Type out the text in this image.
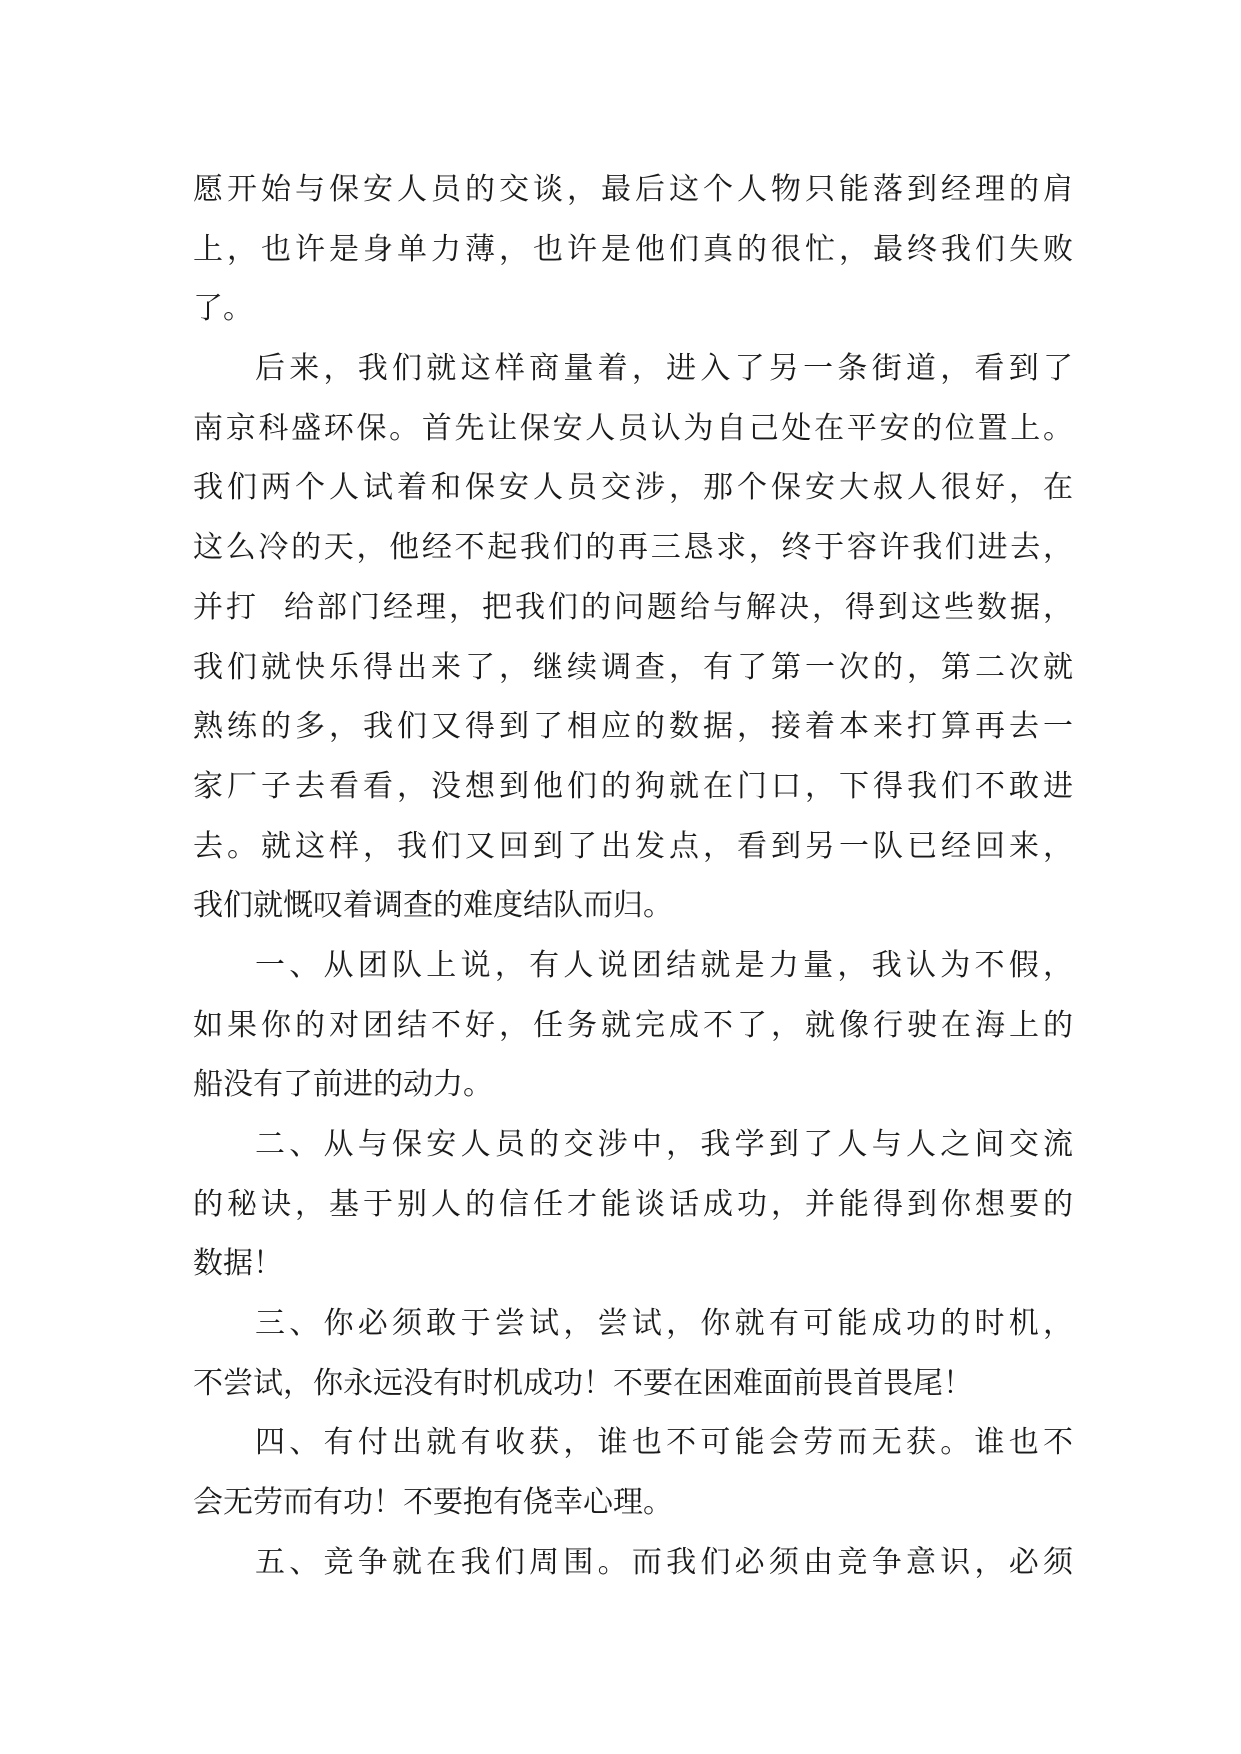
愿开始与保安人员的交谈，最后这个人物只能落到经理的肩
上，也许是身单力薄，也许是他们真的很忙，最终我们失败
了。
后来，我们就这样商量着，进入了另一条街道，看到了
南京科盛环保。首先让保安人员认为自己处在平安的位置上。
我们两个人试着和保安人员交涉，那个保安大叔人很好，在
这么冷的天，他经不起我们的再三恳求，终于容许我们进去，
并打  给部门经理，把我们的问题给与解决，得到这些数据，
我们就快乐得出来了，继续调查，有了第一次的，第二次就
熟练的多，我们又得到了相应的数据，接着本来打算再去一
家厂子去看看，没想到他们的狗就在门口，下得我们不敢进
去。就这样，我们又回到了出发点，看到另一队已经回来，
我们就慨叹着调查的难度结队而归。
一、从团队上说，有人说团结就是力量，我认为不假，
如果你的对团结不好，任务就完成不了，就像行驶在海上的
船没有了前进的动力。
二、从与保安人员的交涉中，我学到了人与人之间交流
的秘诀，基于别人的信任才能谈话成功，并能得到你想要的
数据！
三、你必须敢于尝试，尝试，你就有可能成功的时机，
不尝试，你永远没有时机成功！不要在困难面前畏首畏尾！
四、有付出就有收获，谁也不可能会劳而无获。谁也不
会无劳而有功！不要抱有侥幸心理。
五、竞争就在我们周围。而我们必须由竞争意识，必须
